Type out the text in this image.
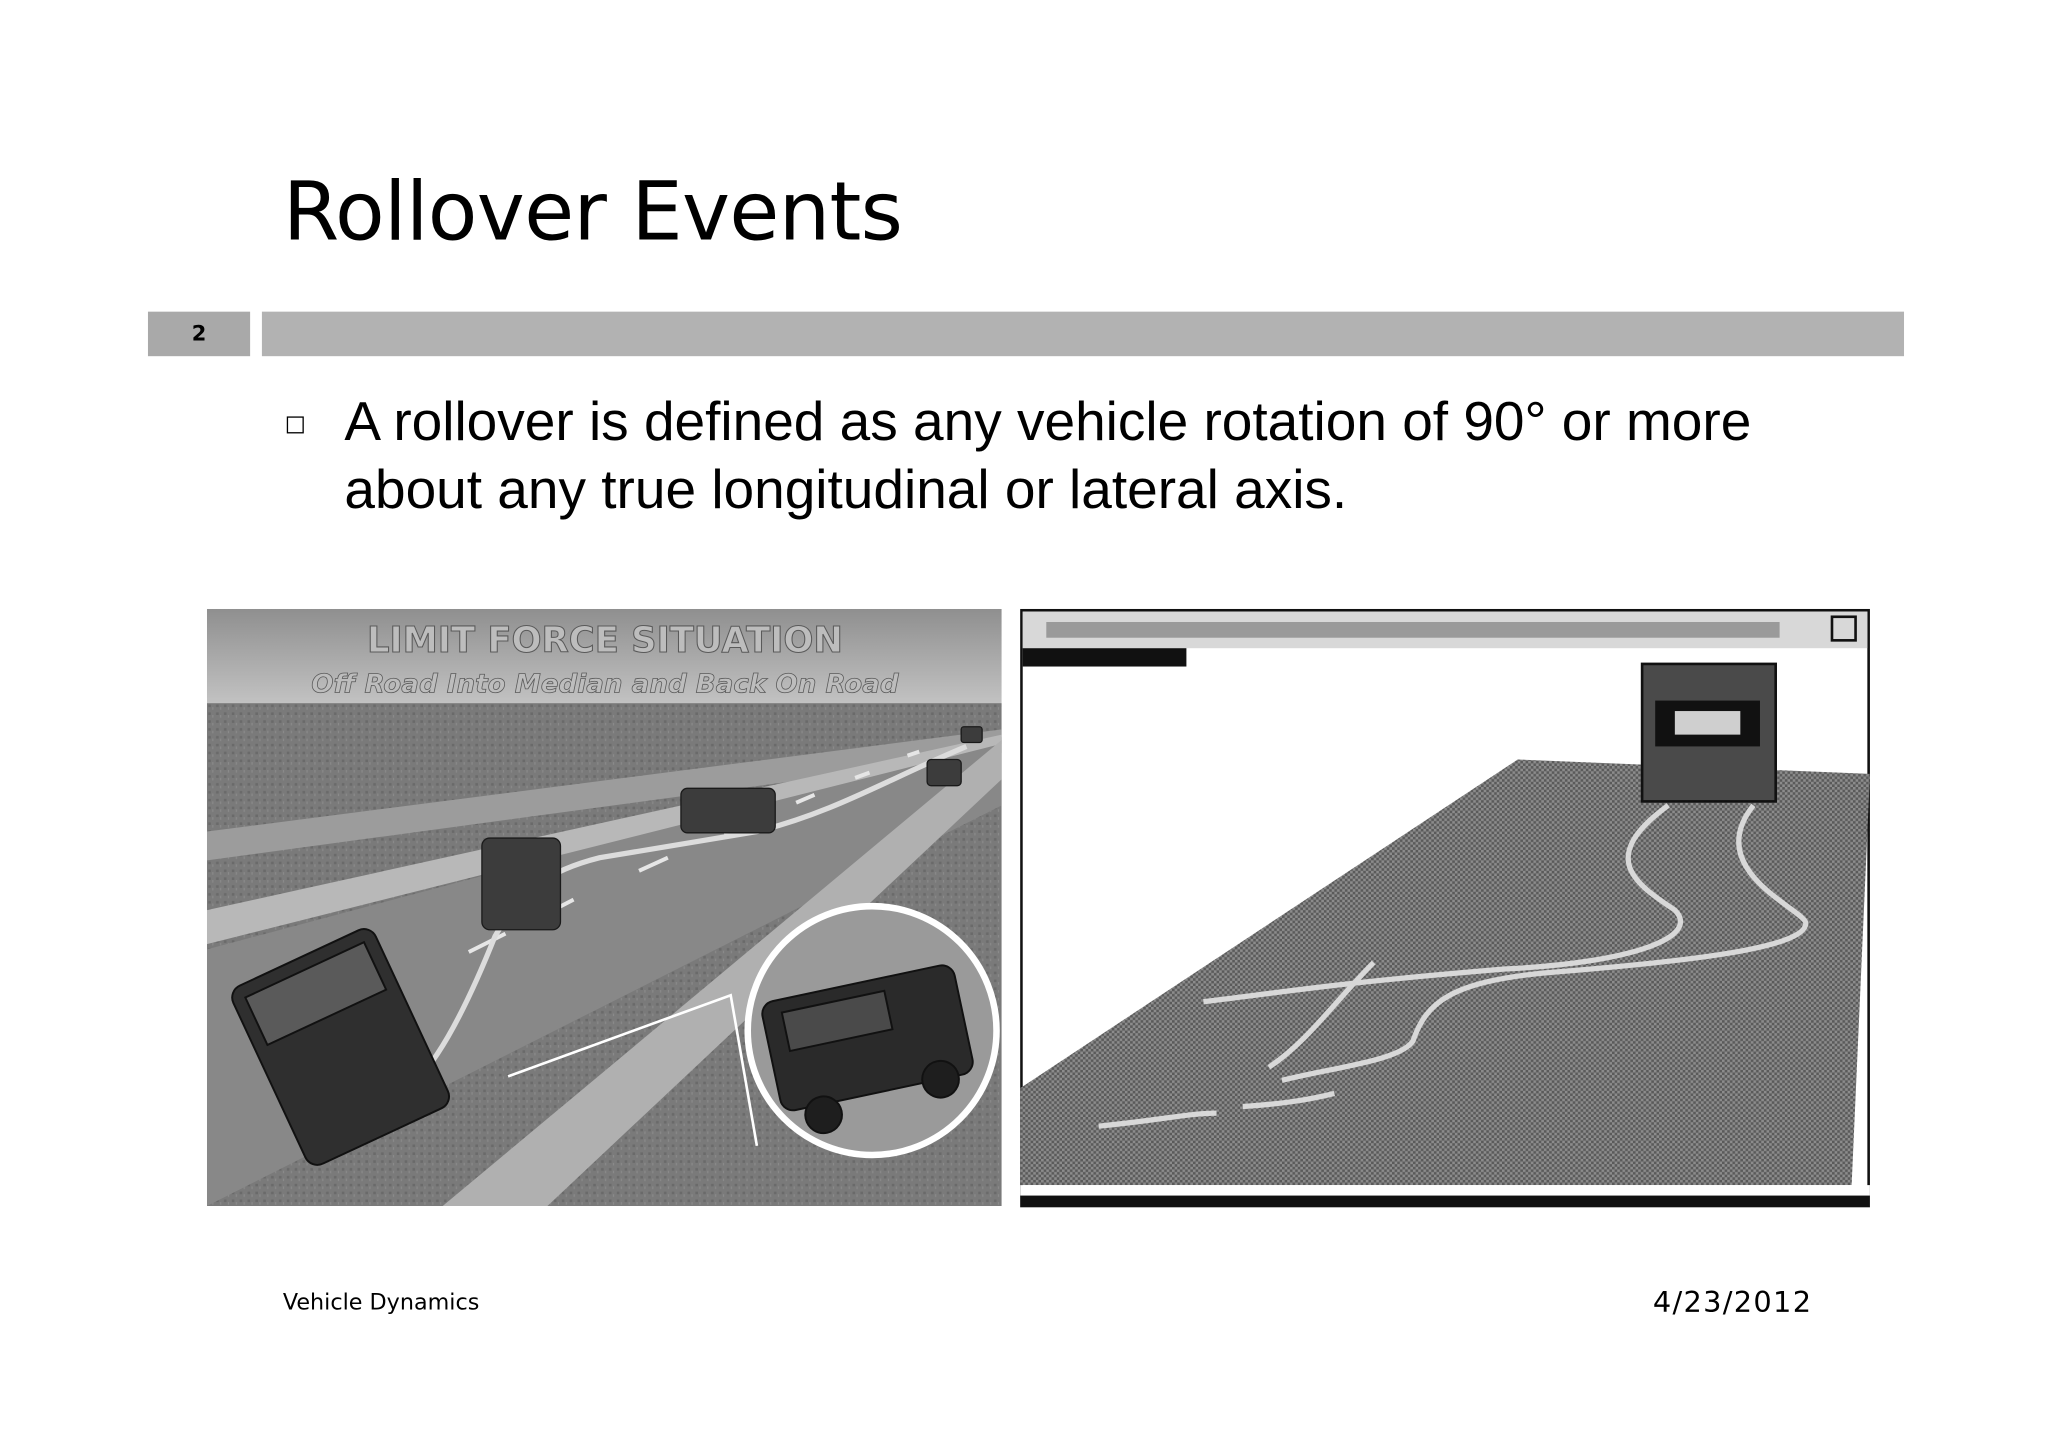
Rollover Events
2
A rollover is defined as any vehicle rotation of 90° or more about any true longitudinal or lateral axis.
LIMIT FORCE SITUATION
Off Road Into Median and Back On Road
Vehicle Dynamics	4/23/2012
